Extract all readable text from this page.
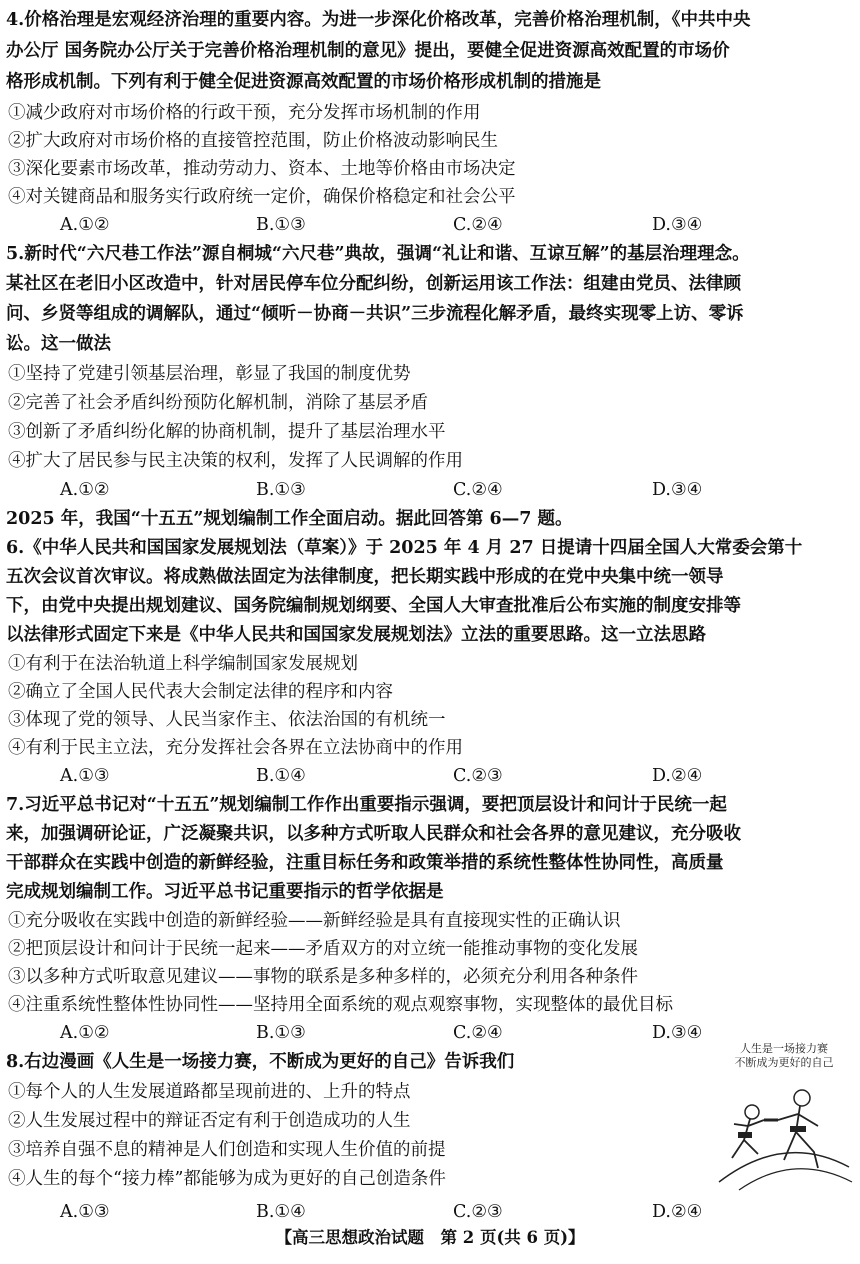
4.价格治理是宏观经济治理的重要内容。为进一步深化价格改革，完善价格治理机制，《中共中央
办公厅 国务院办公厅关于完善价格治理机制的意见》提出，要健全促进资源高效配置的市场价
格形成机制。下列有利于健全促进资源高效配置的市场价格形成机制的措施是
①减少政府对市场价格的行政干预，充分发挥市场机制的作用
②扩大政府对市场价格的直接管控范围，防止价格波动影响民生
③深化要素市场改革，推动劳动力、资本、土地等价格由市场决定
④对关键商品和服务实行政府统一定价，确保价格稳定和社会公平
A.①②	B.①③	C.②④	D.③④
5.新时代“六尺巷工作法”源自桐城“六尺巷”典故，强调“礼让和谐、互谅互解”的基层治理理念。
某社区在老旧小区改造中，针对居民停车位分配纠纷，创新运用该工作法：组建由党员、法律顾
问、乡贤等组成的调解队，通过“倾听－协商－共识”三步流程化解矛盾，最终实现零上访、零诉
讼。这一做法
①坚持了党建引领基层治理，彰显了我国的制度优势
②完善了社会矛盾纠纷预防化解机制，消除了基层矛盾
③创新了矛盾纠纷化解的协商机制，提升了基层治理水平
④扩大了居民参与民主决策的权利，发挥了人民调解的作用
A.①②	B.①③	C.②④	D.③④
2025 年，我国“十五五”规划编制工作全面启动。据此回答第 6—7 题。
6.《中华人民共和国国家发展规划法（草案）》于 2025 年 4 月 27 日提请十四届全国人大常委会第十
五次会议首次审议。将成熟做法固定为法律制度，把长期实践中形成的在党中央集中统一领导
下，由党中央提出规划建议、国务院编制规划纲要、全国人大审查批准后公布实施的制度安排等
以法律形式固定下来是《中华人民共和国国家发展规划法》立法的重要思路。这一立法思路
①有利于在法治轨道上科学编制国家发展规划
②确立了全国人民代表大会制定法律的程序和内容
③体现了党的领导、人民当家作主、依法治国的有机统一
④有利于民主立法，充分发挥社会各界在立法协商中的作用
A.①③	B.①④	C.②③	D.②④
7.习近平总书记对“十五五”规划编制工作作出重要指示强调，要把顶层设计和问计于民统一起
来，加强调研论证，广泛凝聚共识，以多种方式听取人民群众和社会各界的意见建议，充分吸收
干部群众在实践中创造的新鲜经验，注重目标任务和政策举措的系统性整体性协同性，高质量
完成规划编制工作。习近平总书记重要指示的哲学依据是
①充分吸收在实践中创造的新鲜经验——新鲜经验是具有直接现实性的正确认识
②把顶层设计和问计于民统一起来——矛盾双方的对立统一能推动事物的变化发展
③以多种方式听取意见建议——事物的联系是多种多样的，必须充分利用各种条件
④注重系统性整体性协同性——坚持用全面系统的观点观察事物，实现整体的最优目标
A.①②	B.①③	C.②④	D.③④
8.右边漫画《人生是一场接力赛，不断成为更好的自己》告诉我们
①每个人的人生发展道路都呈现前进的、上升的特点
②人生发展过程中的辩证否定有利于创造成功的人生
③培养自强不息的精神是人们创造和实现人生价值的前提
④人生的每个“接力棒”都能够为成为更好的自己创造条件
A.①③	B.①④	C.②③	D.②④
人生是一场接力赛
不断成为更好的自己
【高三思想政治试题　第 2 页(共 6 页)】
